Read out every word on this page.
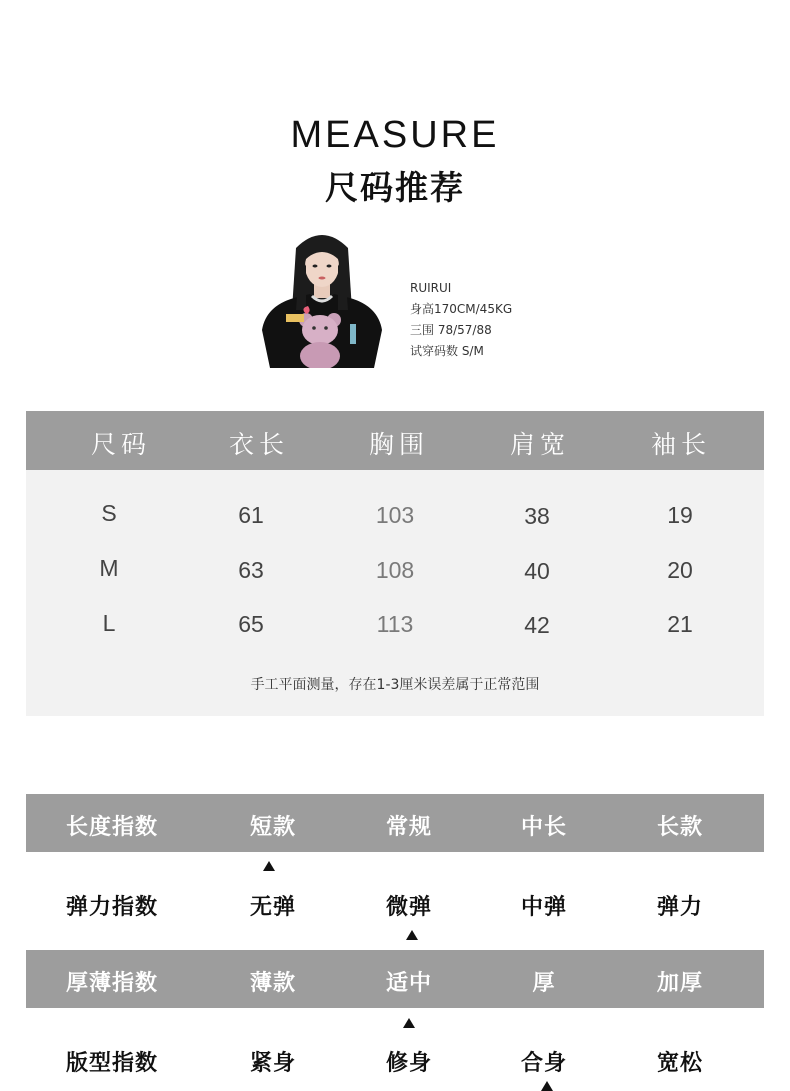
MEASURE
尺码推荐
RUIRUI
身高170CM/45KG
三围 78/57/88
试穿码数 S/M
尺码	衣长	胸围	肩宽	袖长
S	61	103	38	19
M	63	108	40	20
L	65	113	42	21
手工平面测量，存在1-3厘米误差属于正常范围
长度指数	短款	常规	中长	长款
弹力指数	无弹	微弹	中弹	弹力
厚薄指数	薄款	适中	厚	加厚
版型指数	紧身	修身	合身	宽松
